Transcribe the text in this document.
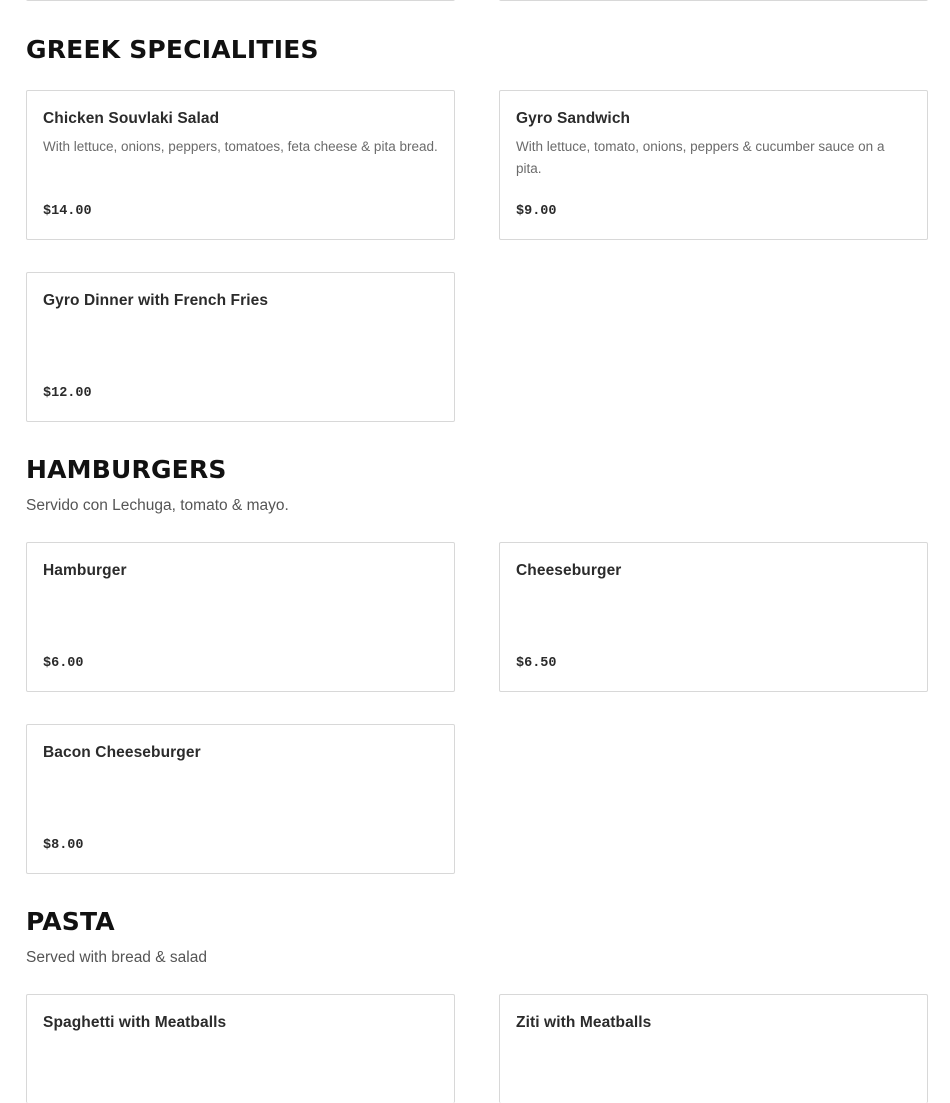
GREEK SPECIALITIES
Chicken Souvlaki Salad
With lettuce, onions, peppers, tomatoes, feta cheese & pita bread.
$14.00
Gyro Sandwich
With lettuce, tomato, onions, peppers & cucumber sauce on a pita.
$9.00
Gyro Dinner with French Fries
$12.00
HAMBURGERS

Servido con Lechuga, tomato & mayo.

Hamburger
$6.00
Cheeseburger
$6.50
Bacon Cheeseburger
$8.00
PASTA

Served with bread & salad

Spaghetti with Meatballs	Ziti with Meatballs
